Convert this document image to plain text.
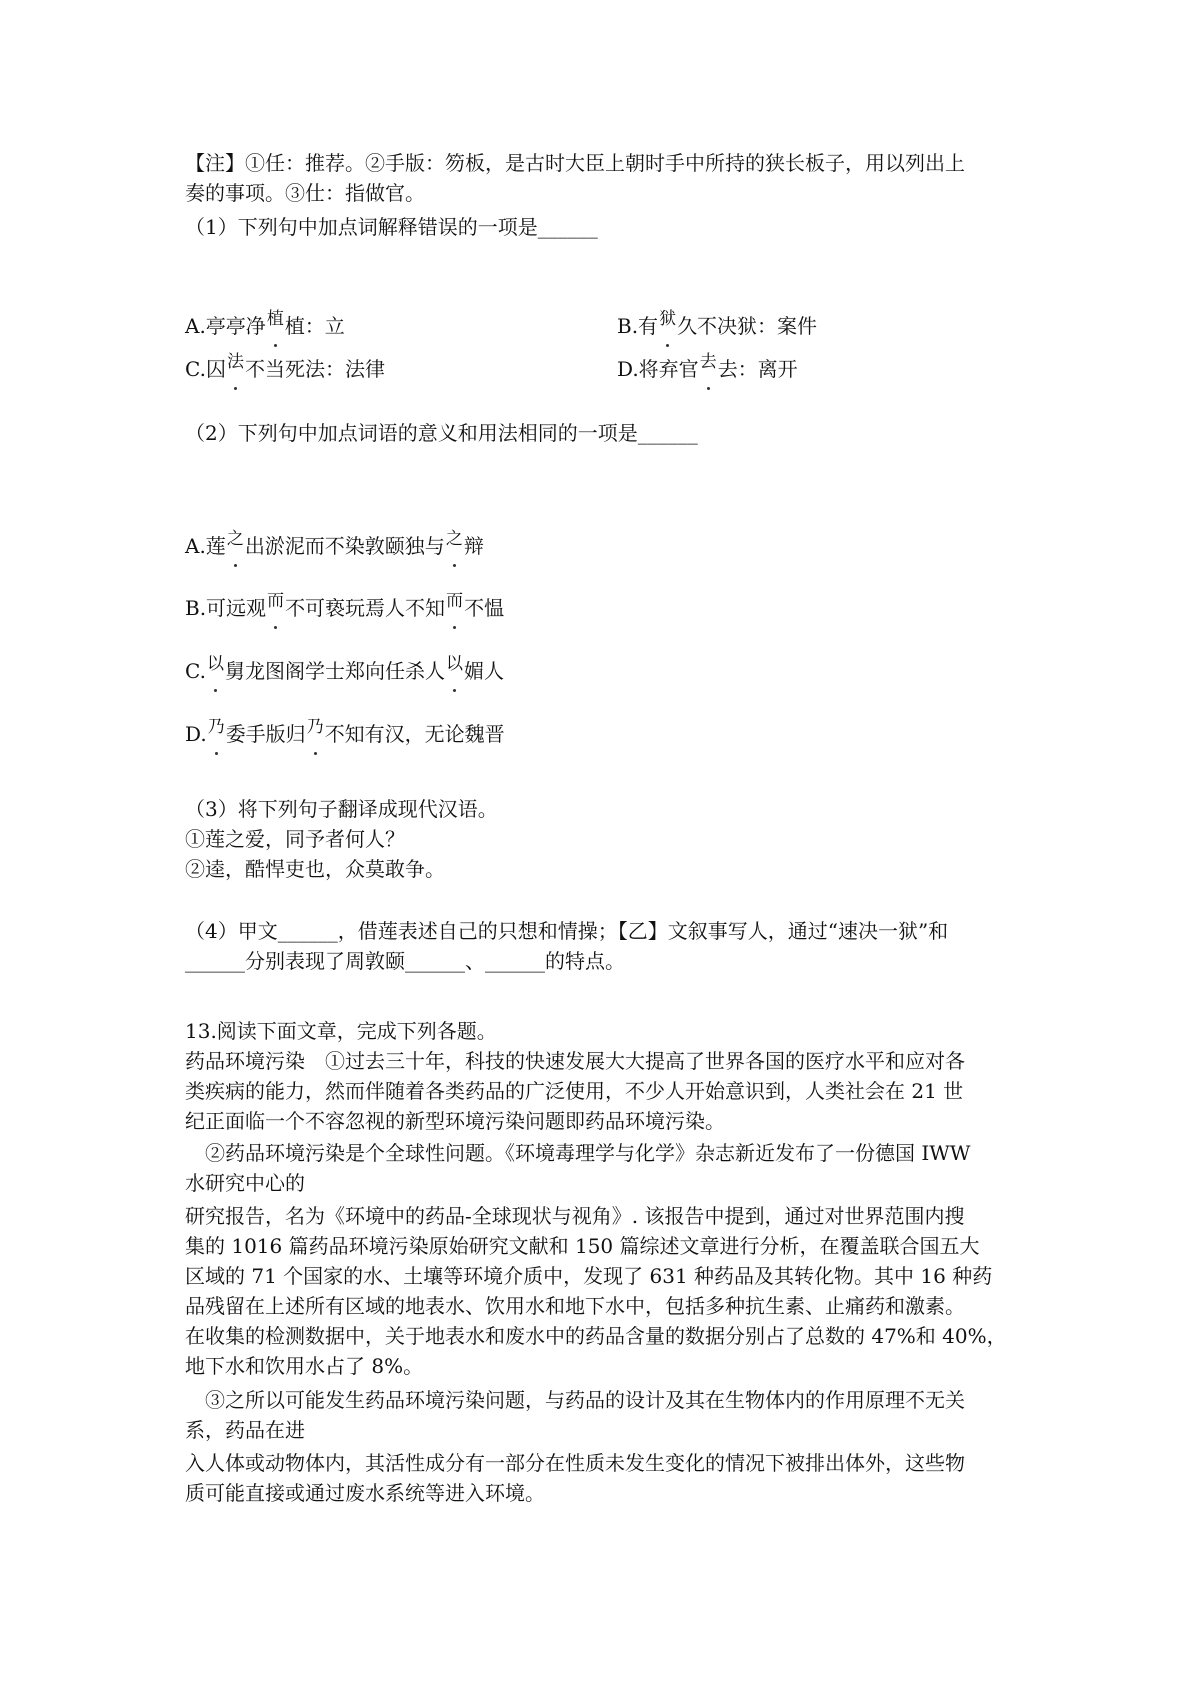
【注】①任：推荐。②手版：笏板，是古时大臣上朝时手中所持的狭长板子，用以列出上
奏的事项。③仕：指做官。
（1）下列句中加点词解释错误的一项是______
A.亭亭净植植：立	B.有狱久不决狱：案件
C.囚法不当死法：法律	D.将弃官去去：离开
（2）下列句中加点词语的意义和用法相同的一项是______
A.莲之出淤泥而不染敦颐独与之辩
B.可远观而不可亵玩焉人不知而不愠
C.以舅龙图阁学士郑向任杀人以媚人
D.乃委手版归乃不知有汉，无论魏晋
（3）将下列句子翻译成现代汉语。
①莲之爱，同予者何人？
②逵，酷悍吏也，众莫敢争。
（4）甲文______，借莲表述自己的只想和情操；【乙】文叙事写人，通过“速决一狱”和
______分别表现了周敦颐______、______的特点。
13.阅读下面文章，完成下列各题。
药品环境污染　①过去三十年，科技的快速发展大大提高了世界各国的医疗水平和应对各
类疾病的能力，然而伴随着各类药品的广泛使用，不少人开始意识到，人类社会在 21 世
纪正面临一个不容忽视的新型环境污染问题即药品环境污染。
　②药品环境污染是个全球性问题。《环境毒理学与化学》杂志新近发布了一份德国 IWW
水研究中心的
研究报告，名为《环境中的药品-全球现状与视角》. 该报告中提到，通过对世界范围内搜
集的 1016 篇药品环境污染原始研究文献和 150 篇综述文章进行分析，在覆盖联合国五大
区域的 71 个国家的水、土壤等环境介质中，发现了 631 种药品及其转化物。其中 16 种药
品残留在上述所有区域的地表水、饮用水和地下水中，包括多种抗生素、止痛药和激素。
在收集的检测数据中，关于地表水和废水中的药品含量的数据分别占了总数的 47%和 40%，
地下水和饮用水占了 8%。
　③之所以可能发生药品环境污染问题，与药品的设计及其在生物体内的作用原理不无关
系，药品在进
入人体或动物体内，其活性成分有一部分在性质未发生变化的情况下被排出体外，这些物
质可能直接或通过废水系统等进入环境。
